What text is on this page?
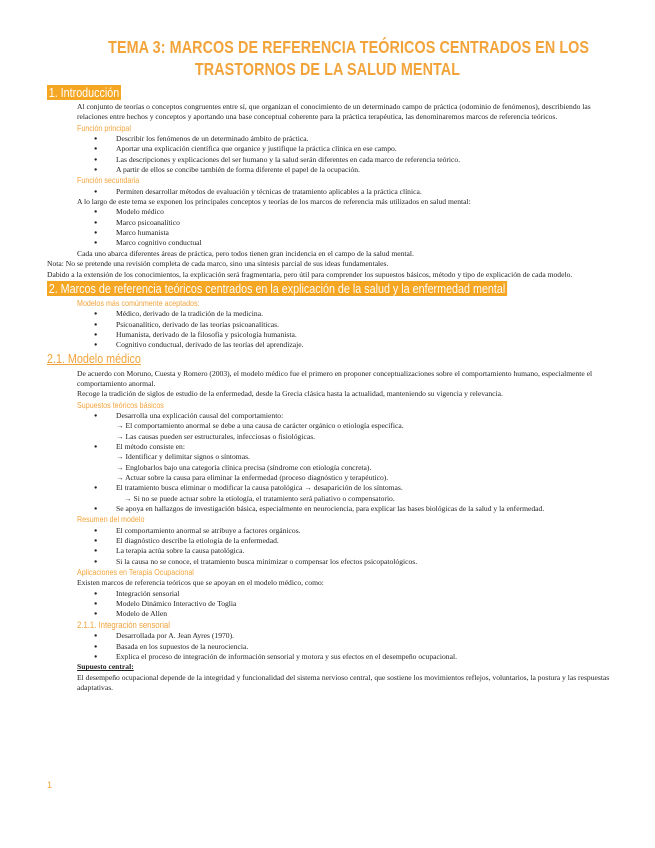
TEMA 3: MARCOS DE REFERENCIA TEÓRICOS CENTRADOS EN LOS
TRASTORNOS DE LA SALUD MENTAL
1. Introducción
Al conjunto de teorías o conceptos congruentes entre sí, que organizan el conocimiento de un determinado campo de práctica (odominio de fenómenos), describiendo las relaciones entre hechos y conceptos y aportando una base conceptual coherente para la práctica terapéutica, las denominaremos marcos de referencia teóricos.
Función principal
● Describir los fenómenos de un determinado ámbito de práctica.
● Aportar una explicación científica que organice y justifique la práctica clínica en ese campo.
● Las descripciones y explicaciones del ser humano y la salud serán diferentes en cada marco de referencia teórico.
● A partir de ellos se concibe también de forma diferente el papel de la ocupación.
Función secundaria
● Permiten desarrollar métodos de evaluación y técnicas de tratamiento aplicables a la práctica clínica.
A lo largo de este tema se exponen los principales conceptos y teorías de los marcos de referencia más utilizados en salud mental:
● Modelo médico
● Marco psicoanalítico
● Marco humanista
● Marco cognitivo conductual
Cada uno abarca diferentes áreas de práctica, pero todos tienen gran incidencia en el campo de la salud mental.
Nota: No se pretende una revisión completa de cada marco, sino una síntesis parcial de sus ideas fundamentales.
Dabido a la extensión de los conocimientos, la explicación será fragmentaria, pero útil para comprender los supuestos básicos, método y tipo de explicación de cada modelo.
2. Marcos de referencia teóricos centrados en la explicación de la salud y la enfermedad mental
Modelos más comúnmente aceptados:
● Médico, derivado de la tradición de la medicina.
● Psicoanalítico, derivado de las teorías psicoanalíticas.
● Humanista, derivado de la filosofía y psicología humanista.
● Cognitivo conductual, derivado de las teorías del aprendizaje.
2.1. Modelo médico
De acuerdo con Moruno, Cuesta y Romero (2003), el modelo médico fue el primero en proponer conceptualizaciones sobre el comportamiento humano, especialmente el comportamiento anormal.
Recoge la tradición de siglos de estudio de la enfermedad, desde la Grecia clásica hasta la actualidad, manteniendo su vigencia y relevancia.
Supuestos teóricos básicos
● Desarrolla una explicación causal del comportamiento:
→ El comportamiento anormal se debe a una causa de carácter orgánico o etiología específica.
→ Las causas pueden ser estructurales, infecciosas o fisiológicas.
● El método consiste en:
→ Identificar y delimitar signos o síntomas.
→ Englobarlos bajo una categoría clínica precisa (síndrome con etiología concreta).
→ Actuar sobre la causa para eliminar la enfermedad (proceso diagnóstico y terapéutico).
● El tratamiento busca eliminar o modificar la causa patológica → desaparición de los síntomas.
→ Si no se puede actuar sobre la etiología, el tratamiento será paliativo o compensatorio.
● Se apoya en hallazgos de investigación básica, especialmente en neurociencia, para explicar las bases biológicas de la salud y la enfermedad.
Resumen del modelo
● El comportamiento anormal se atribuye a factores orgánicos.
● El diagnóstico describe la etiología de la enfermedad.
● La terapia actúa sobre la causa patológica.
● Si la causa no se conoce, el tratamiento busca minimizar o compensar los efectos psicopatológicos.
Aplicaciones en Terapia Ocupacional
Existen marcos de referencia teóricos que se apoyan en el modelo médico, como:
● Integración sensorial
● Modelo Dinámico Interactivo de Toglia
● Modelo de Allen
2.1.1. Integración sensorial
● Desarrollada por A. Jean Ayres (1970).
● Basada en los supuestos de la neurociencia.
● Explica el proceso de integración de información sensorial y motora y sus efectos en el desempeño ocupacional.
Supuesto central:
El desempeño ocupacional depende de la integridad y funcionalidad del sistema nervioso central, que sostiene los movimientos reflejos, voluntarios, la postura y las respuestas adaptativas.
1
